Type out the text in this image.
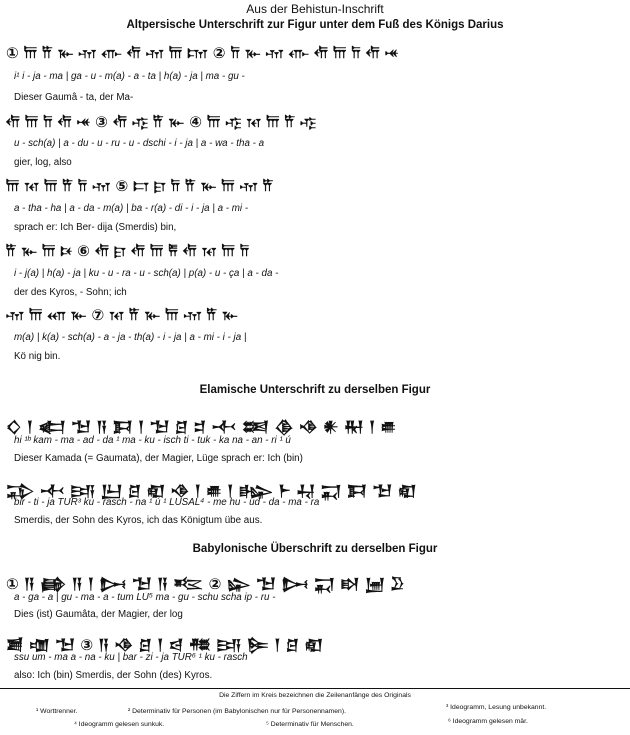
Aus der Behistun-Inschrift
Altpersische Unterschrift zur Figur unter dem Fuß des Königs Darius
① 𐎠 𐎡 𐎹 𐎶 𐎥 𐎢 𐎶 𐎠 𐎫 ② 𐎭 𐎹 𐎶 𐎥 𐎢 𐎠 𐎭 𐎢 𐎽
i¹ i - ja - ma | ga - u - m(a) - a - ta | h(a) - ja | ma - gu -
Dieser Gaumâ - ta, der Ma-
𐎢 𐎠 𐎭 𐎢 𐎽 ③ 𐎢 𐎺 𐎡 𐎹 ④ 𐎠 𐎺 𐎰 𐎠 𐎡 𐎺
u - sch(a) | a - du - u - ru - u - dschi - i - ja | a - wa - tha - a
gier, log, also
𐎠 𐎰 𐎠 𐎡 𐎭 𐎶 ⑤ 𐎲 𐎼 𐎭 𐎡 𐎹 𐎠 𐎶 𐎡
a - tha - ha | a - da - m(a) | ba - r(a) - di - i - ja | a - mi -
sprach er: Ich Ber- dija (Smerdis) bin,
𐎡 𐎹 𐎠 𐎴 ⑥ 𐎢 𐎼 𐎢 𐎠 𐎱 𐎢 𐎰 𐎠 𐎭
i - j(a) | h(a) - ja | ku - u - ra - u - sch(a) | p(a) - u - ça | a - da -
der des Kyros, - Sohn; ich
𐎶 𐎠 𐎧 𐎹 ⑦ 𐎰 𐎡 𐎹 𐎠 𐎶 𐎡 𐎹
m(a) | k(a) - sch(a) - a - ja - th(a) - i - ja | a - mi - i - ja |
Kö nig bin.
Elamische Unterschrift zu derselben Figur
𒄭 𒁹 𒅗 𒈠 𒀀 𒁕 𒁹 𒈠 𒆪 𒄑 𒋾 𒌅 𒆠 𒈾 𒀭 𒊑 𒁹 𒌑
hi ¹ᵇ kam - ma - ad - da ¹ ma - ku - isch ti - tuk - ka na - an - ri ¹ ú
Dieser Kamada (= Gaumata), der Magier, Lüge sprach er: Ich (bin)
𒁉 𒋾 𒅀 𒌨 𒆪 𒊏 𒈾 𒁹 𒌑 𒁹 𒈗 𒈨 𒄷 𒍑 𒁕 𒈠 𒊏
bir - ti - ja TUR³ ku - rasch - na ¹ ú ¹ LUSAL⁴ - me hu - ud - da - ma - ra
Smerdis, der Sohn des Kyros, ich das Königtum übe aus.
Babylonische Überschrift zu derselben Figur
① 𒀀 𒂵 𒀀 𒁹 𒄖 𒈠 𒀀 𒌈 ② 𒇽 𒈠 𒄖 𒍑 𒊭 𒅁 𒊒
a - ga - a | gu - ma - a - tum LÚ⁵ ma - gu - schu scha ip - ru -
Dies (ist) Gaumâta, der Magier, der log
𒋢 𒌝 𒈠 ③ 𒀀 𒈾 𒆪 𒁹 𒁀 𒍣 𒅀 𒌉 𒁹 𒆪 𒊏
ssu um - ma a - na - ku | bar - zi - ja TUR⁶ ¹ ku - rasch
also: Ich (bin) Smerdis, der Sohn (des) Kyros.
Die Ziffern im Kreis bezeichnen die Zeilenanfänge des Originals
¹ Worttrenner.	² Determinativ für Personen (im Babylonischen nur für Personennamen).
³ Ideogramm, Lesung unbekannt.
⁴ Ideogramm gelesen sunkuk.	⁵ Determinativ für Menschen.	⁶ Ideogramm gelesen mâr.
